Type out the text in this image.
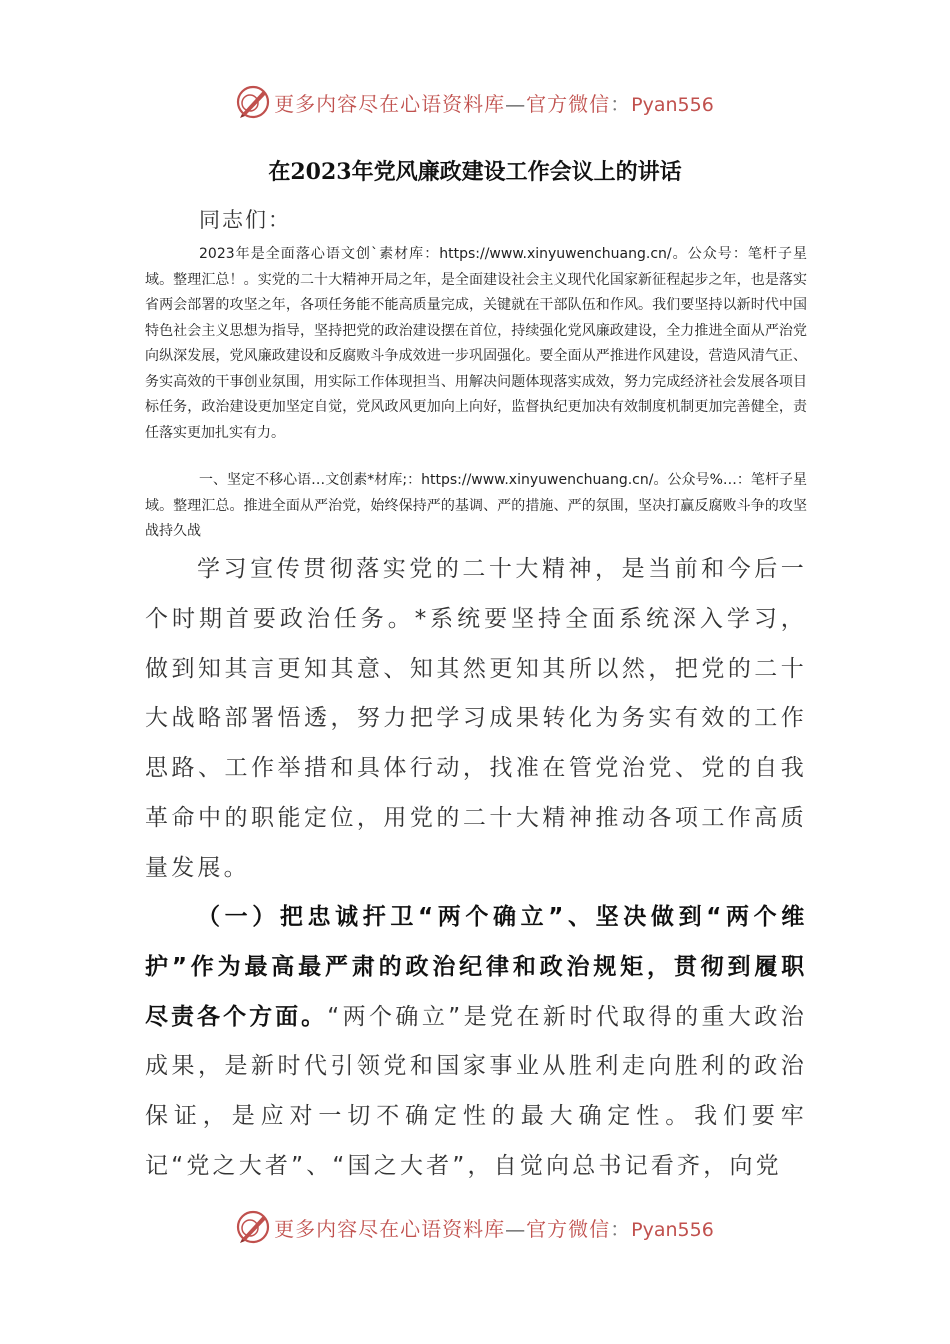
更多内容尽在心语资料库—官方微信：Pyan556
在2023年党风廉政建设工作会议上的讲话
同志们：
2023年是全面落心语文创`素材库：https://www.xinyuwenchuang.cn/。公众号：笔杆子星域。整理汇总！。实党的二十大精神开局之年，是全面建设社会主义现代化国家新征程起步之年，也是落实省两会部署的攻坚之年，各项任务能不能高质量完成，关键就在干部队伍和作风。我们要坚持以新时代中国特色社会主义思想为指导，坚持把党的政治建设摆在首位，持续强化党风廉政建设，全力推进全面从严治党向纵深发展，党风廉政建设和反腐败斗争成效进一步巩固强化。要全面从严推进作风建设，营造风清气正、务实高效的干事创业氛围，用实际工作体现担当、用解决问题体现落实成效，努力完成经济社会发展各项目标任务，政治建设更加坚定自觉，党风政风更加向上向好，监督执纪更加决有效制度机制更加完善健全，责任落实更加扎实有力。
一、坚定不移心语…文创素*材库;：https://www.xinyuwenchuang.cn/。公众号%…：笔杆子星域。整理汇总。推进全面从严治党，始终保持严的基调、严的措施、严的氛围，坚决打赢反腐败斗争的攻坚战持久战
学习宣传贯彻落实党的二十大精神，是当前和今后一个时期首要政治任务。*系统要坚持全面系统深入学习，做到知其言更知其意、知其然更知其所以然，把党的二十大战略部署悟透，努力把学习成果转化为务实有效的工作思路、工作举措和具体行动，找准在管党治党、党的自我革命中的职能定位，用党的二十大精神推动各项工作高质量发展。
（一）把忠诚扞卫“两个确立”、坚决做到“两个维护”作为最高最严肃的政治纪律和政治规矩，贯彻到履职尽责各个方面。“两个确立”是党在新时代取得的重大政治成果，是新时代引领党和国家事业从胜利走向胜利的政治保证，是应对一切不确定性的最大确定性。我们要牢记“党之大者”、“国之大者”，自觉向总书记看齐，向党
更多内容尽在心语资料库—官方微信：Pyan556
